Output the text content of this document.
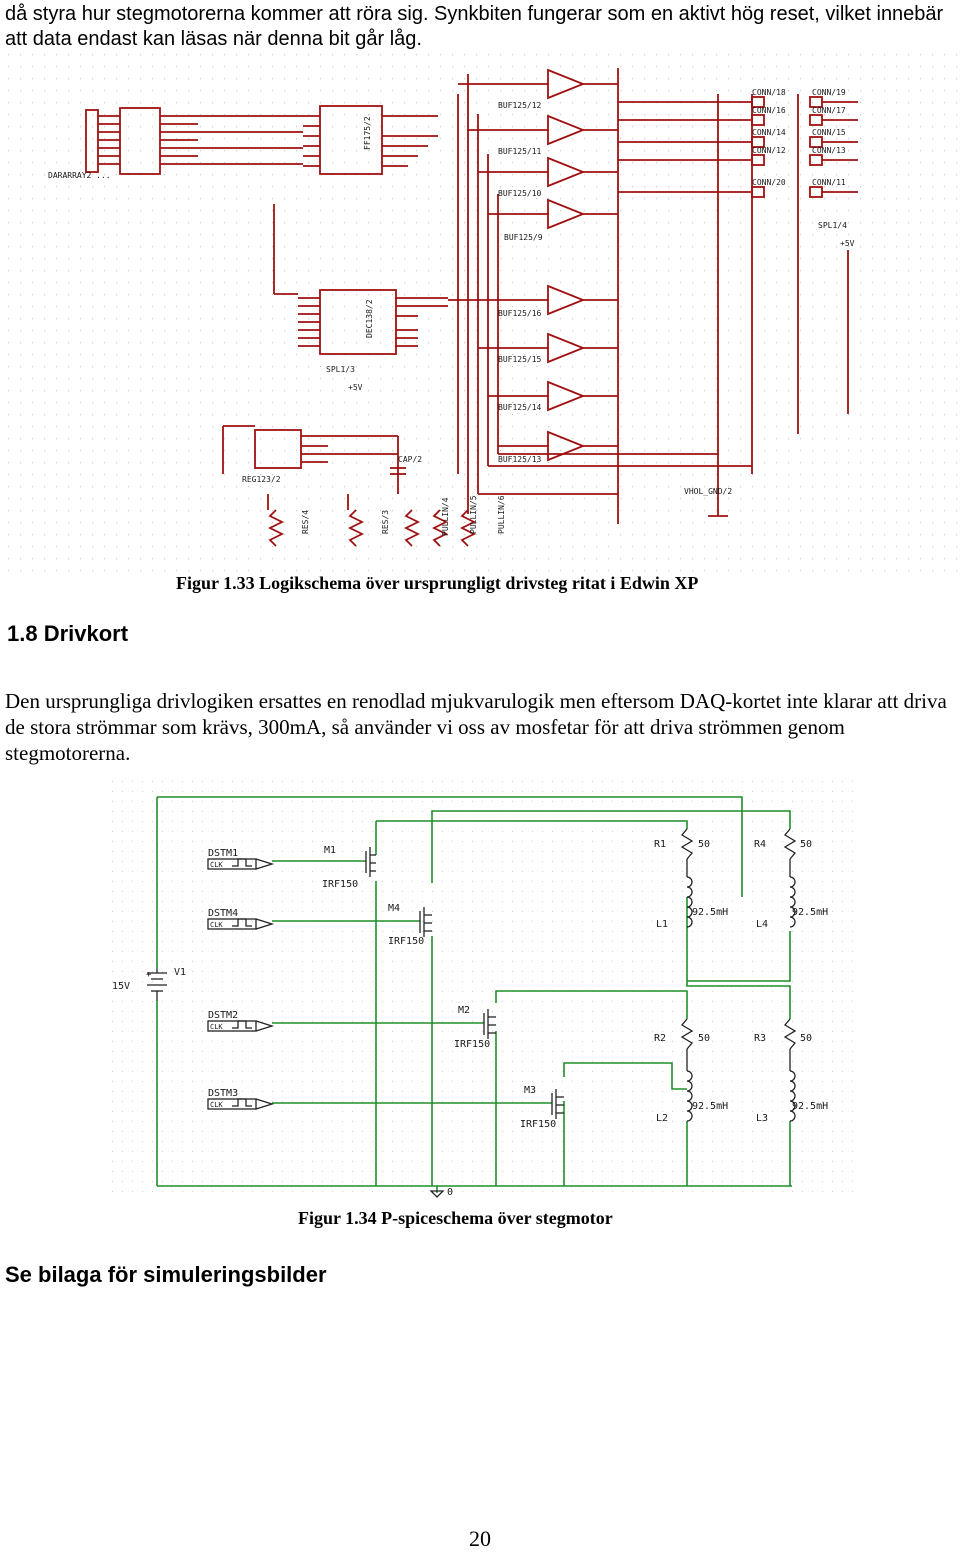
då styra hur stegmotorerna kommer att röra sig. Synkbiten fungerar som en aktivt hög reset, vilket innebär att data endast kan läsas när denna bit går låg.
DARARRAY2 ...
FF175/2
DEC138/2
REG123/2
SPL1/3
SPL1/4
+5V
+5V
CAP/2
VHOL_GND/2
RES/4	RES/3	PULLIN/4 PULLIN/5 PULLIN/6
BUF125/12
BUF125/11
BUF125/10
BUF125/9
BUF125/16
BUF125/15
BUF125/14
BUF125/13
CONN/18	CONN/19
CONN/16	CONN/17
CONN/14	CONN/15
CONN/12	CONN/13
CONN/20	CONN/11
Figur 1.33 Logikschema över ursprungligt drivsteg ritat i Edwin XP
1.8 Drivkort
Den ursprungliga drivlogiken ersattes en renodlad mjukvarulogik men eftersom DAQ-kortet inte klarar att driva de stora strömmar som krävs, 300mA, så använder vi oss av mosfetar för att driva strömmen genom stegmotorerna.
DSTM1
CLK
DSTM4
CLK
DSTM2
CLK
DSTM3
CLK
M1
IRF150
M4
IRF150
M2
IRF150
M3
IRF150
+ V1
15V
R1	50	R4	50
R2	50	R3	50
92.5mH
L1
92.5mH
L4
92.5mH
L2
92.5mH
L3
0
Figur 1.34 P-spiceschema över stegmotor
Se bilaga för simuleringsbilder
20
